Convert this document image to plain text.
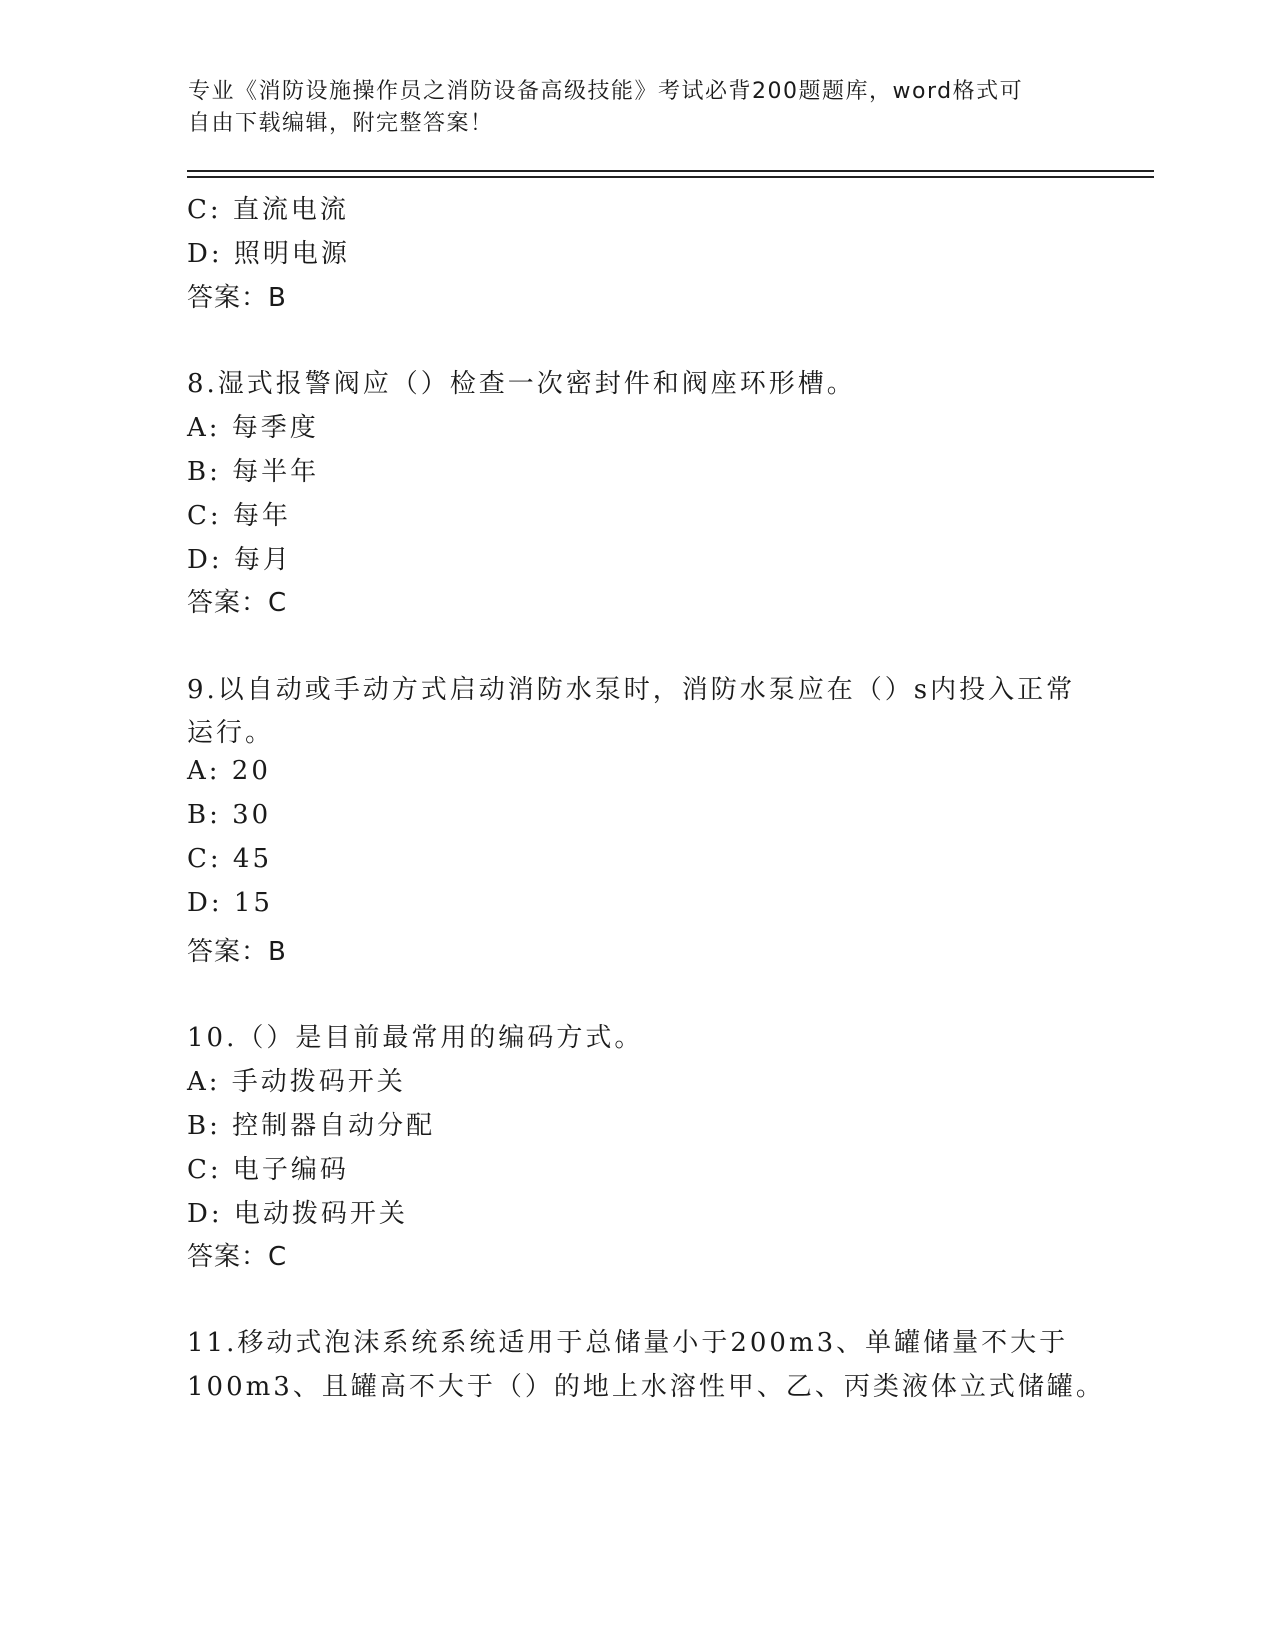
专业《消防设施操作员之消防设备高级技能》考试必背200题题库，word格式可
自由下载编辑，附完整答案！
C: 直流电流
D: 照明电源
答案：B
8.湿式报警阀应（）检查一次密封件和阀座环形槽。
A: 每季度
B: 每半年
C: 每年
D: 每月
答案：C
9.以自动或手动方式启动消防水泵时，消防水泵应在（）s内投入正常
运行。
A: 20
B: 30
C: 45
D: 15
答案：B
10.（）是目前最常用的编码方式。
A: 手动拨码开关
B: 控制器自动分配
C: 电子编码
D: 电动拨码开关
答案：C
11.移动式泡沫系统系统适用于总储量小于200m3、单罐储量不大于
100m3、且罐高不大于（）的地上水溶性甲、乙、丙类液体立式储罐。
